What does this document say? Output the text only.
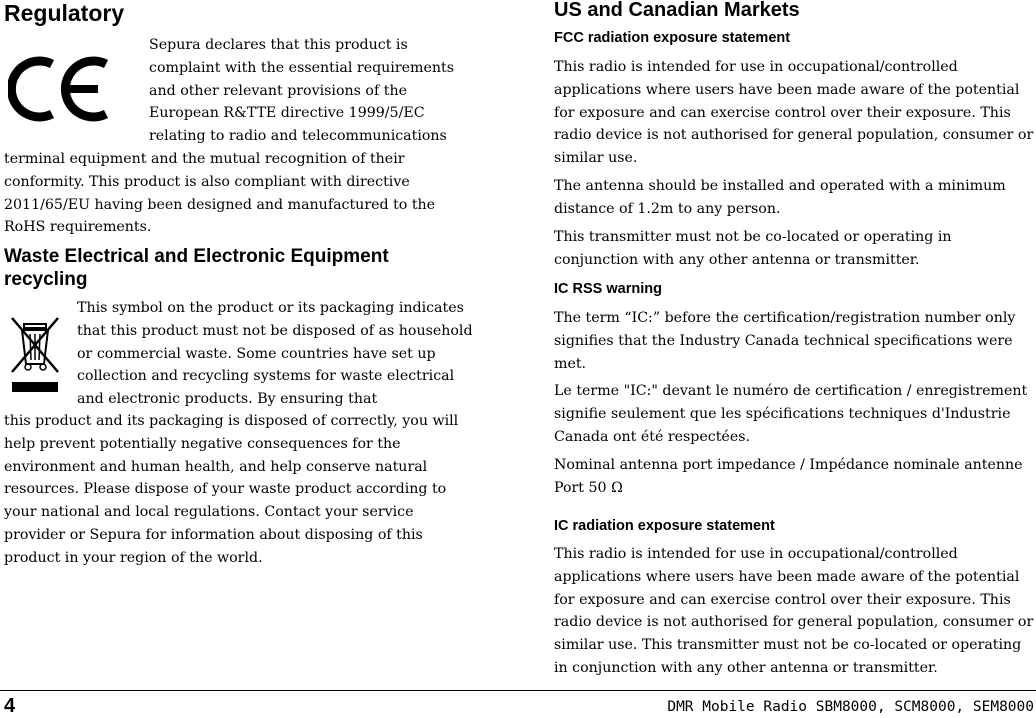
Regulatory

Sepura declares that this product is complaint with the essential requirements and other relevant provisions of the European R&TTE directive 1999/5/EC relating to radio and telecommunications

terminal equipment and the mutual recognition of their conformity. This product is also compliant with directive 2011/65/EU having been designed and manufactured to the RoHS requirements.

Waste Electrical and Electronic Equipment recycling

This symbol on the product or its packaging indicates that this product must not be disposed of as household or commercial waste. Some countries have set up collection and recycling systems for waste electrical and electronic products. By ensuring that

this product and its packaging is disposed of correctly, you will help prevent potentially negative consequences for the environment and human health, and help conserve natural resources. Please dispose of your waste product according to your national and local regulations. Contact your service provider or Sepura for information about disposing of this product in your region of the world.

US and Canadian Markets
FCC radiation exposure statement

This radio is intended for use in occupational/controlled applications where users have been made aware of the potential for exposure and can exercise control over their exposure. This radio device is not authorised for general population, consumer or similar use.

The antenna should be installed and operated with a minimum distance of 1.2m to any person.

This transmitter must not be co-located or operating in conjunction with any other antenna or transmitter.

IC RSS warning

The term “IC:” before the certification/registration number only signifies that the Industry Canada technical specifications were met.

Le terme "IC:" devant le numéro de certification / enregistrement signifie seulement que les spécifications techniques d'Industrie Canada ont été respectées.

Nominal antenna port impedance / Impédance nominale antenne Port 50 Ω

IC radiation exposure statement

This radio is intended for use in occupational/controlled applications where users have been made aware of the potential for exposure and can exercise control over their exposure. This radio device is not authorised for general population, consumer or similar use. This transmitter must not be co-located or operating in conjunction with any other antenna or transmitter.

4	DMR Mobile Radio SBM8000, SCM8000, SEM8000
